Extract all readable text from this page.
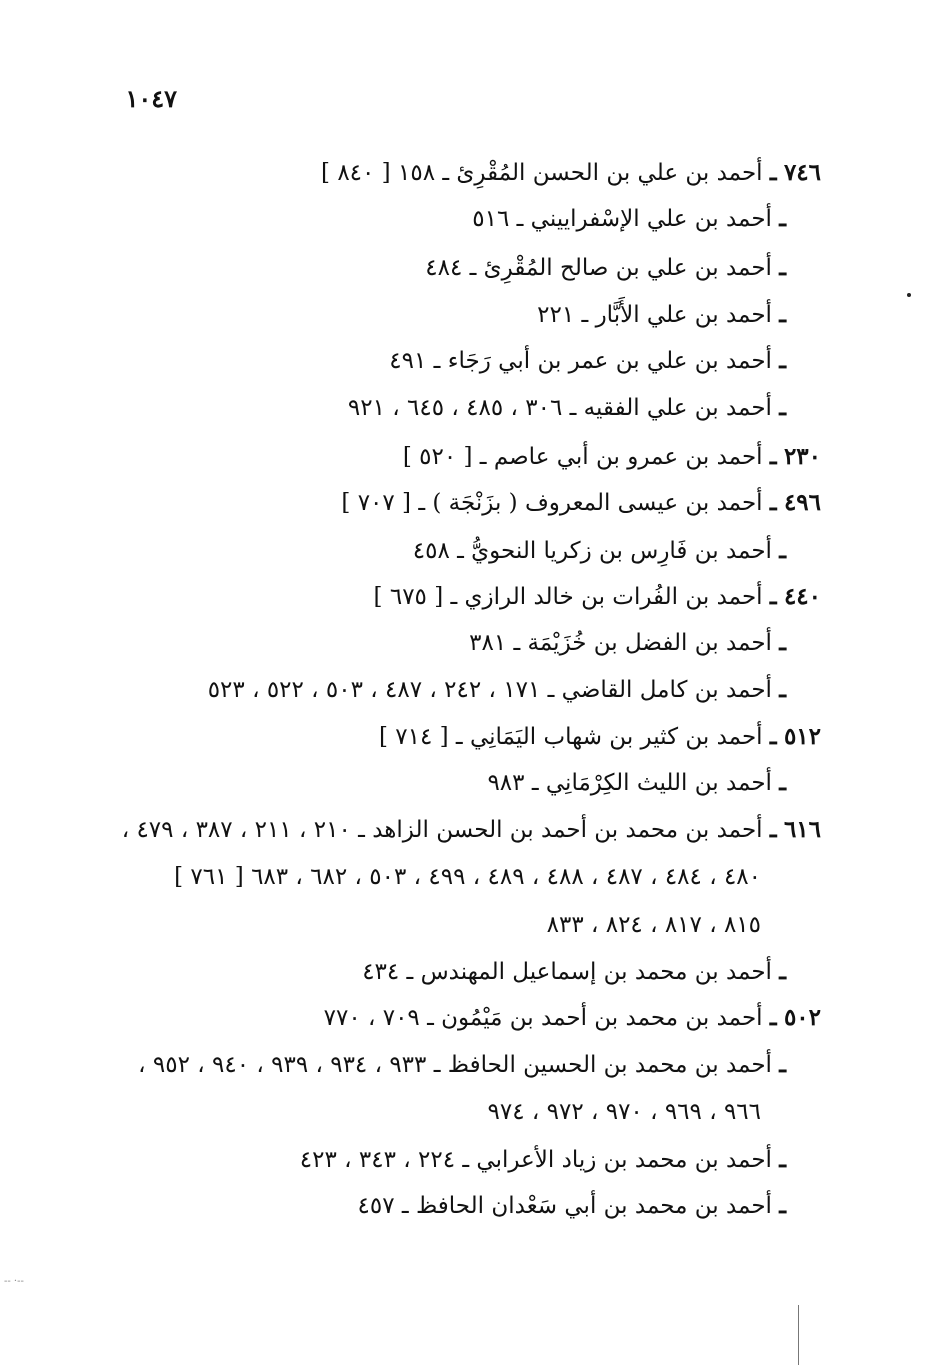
١٠٤٧
٧٤٦ ـ أحمد بن علي بن الحسن المُقْرِئ ـ ١٥٨ [ ٨٤٠ ]
ـ أحمد بن علي الإسْفراييني ـ ٥١٦
ـ أحمد بن علي بن صالح المُقْرِئ ـ ٤٨٤
ـ أحمد بن علي الأَبَّار ـ ٢٢١
ـ أحمد بن علي بن عمر بن أبي رَجَاء ـ ٤٩١
ـ أحمد بن علي الفقيه ـ ٣٠٦ ، ٤٨٥ ، ٦٤٥ ، ٩٢١
٢٣٠ ـ أحمد بن عمرو بن أبي عاصم ـ [ ٥٢٠ ]
٤٩٦ ـ أحمد بن عيسى المعروف ( بزَنْجَة ) ـ [ ٧٠٧ ]
ـ أحمد بن فَارِس بن زكريا النحويُّ ـ ٤٥٨
٤٤٠ ـ أحمد بن الفُرات بن خالد الرازي ـ [ ٦٧٥ ]
ـ أحمد بن الفضل بن خُزَيْمَة ـ ٣٨١
ـ أحمد بن كامل القاضي ـ ١٧١ ، ٢٤٢ ، ٤٨٧ ، ٥٠٣ ، ٥٢٢ ، ٥٢٣
٥١٢ ـ أحمد بن كثير بن شهاب اليَمَانِي ـ [ ٧١٤ ]
ـ أحمد بن الليث الكِرْمَانِي ـ ٩٨٣
٦١٦ ـ أحمد بن محمد بن أحمد بن الحسن الزاهد ـ ٢١٠ ، ٢١١ ، ٣٨٧ ، ٤٧٩ ،
٤٨٠ ، ٤٨٤ ، ٤٨٧ ، ٤٨٨ ، ٤٨٩ ، ٤٩٩ ، ٥٠٣ ، ٦٨٢ ، ٦٨٣ [ ٧٦١ ]
٨١٥ ، ٨١٧ ، ٨٢٤ ، ٨٣٣
ـ أحمد بن محمد بن إسماعيل المهندس ـ ٤٣٤
٥٠٢ ـ أحمد بن محمد بن أحمد بن مَيْمُون ـ ٧٠٩ ، ٧٧٠
ـ أحمد بن محمد بن الحسين الحافظ ـ ٩٣٣ ، ٩٣٤ ، ٩٣٩ ، ٩٤٠ ، ٩٥٢ ،
٩٦٦ ، ٩٦٩ ، ٩٧٠ ، ٩٧٢ ، ٩٧٤
ـ أحمد بن محمد بن زياد الأعرابي ـ ٢٢٤ ، ٣٤٣ ، ٤٢٣
ـ أحمد بن محمد بن أبي سَعْدان الحافظ ـ ٤٥٧
-- ·--
